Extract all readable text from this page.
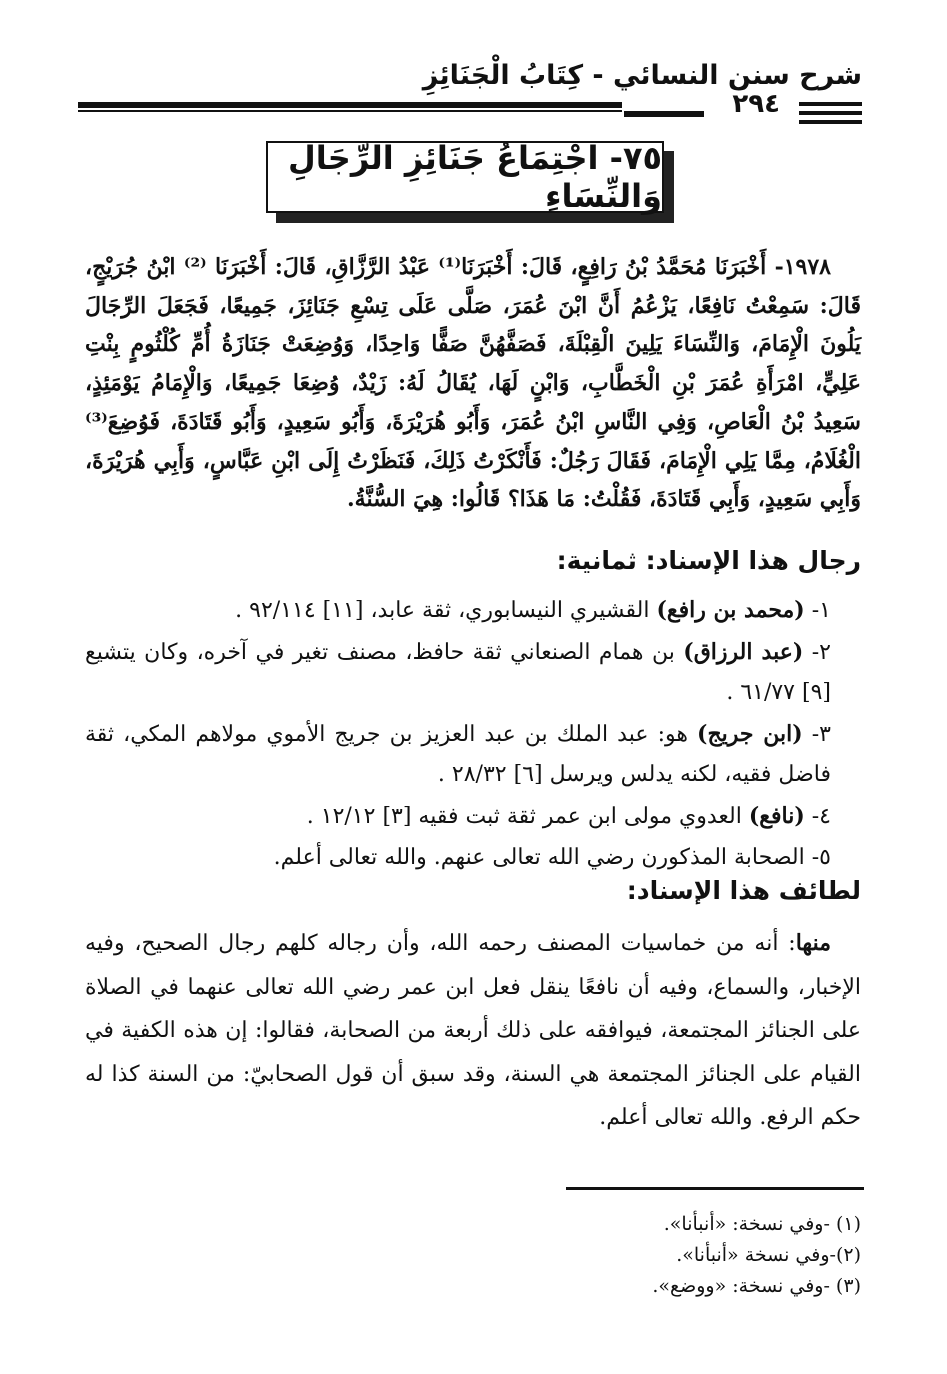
شرح سنن النسائي - كِتَابُ الْجَنَائِزِ
٢٩٤
٧٥- اجْتِمَاعُ جَنَائِزِ الرِّجَالِ وَالنِّسَاءِ
١٩٧٨- أَخْبَرَنَا مُحَمَّدُ بْنُ رَافِعٍ، قَالَ: أَخْبَرَنَا⁽¹⁾ عَبْدُ الرَّزَّاقِ، قَالَ: أَخْبَرَنَا ⁽²⁾ ابْنُ جُرَيْجٍ، قَالَ: سَمِعْتُ نَافِعًا، يَزْعُمُ أَنَّ ابْنَ عُمَرَ، صَلَّى عَلَى تِسْعِ جَنَائِزَ، جَمِيعًا، فَجَعَلَ الرِّجَالَ يَلُونَ الْإِمَامَ، وَالنِّسَاءَ يَلِينَ الْقِبْلَةَ، فَصَفَّهُنَّ صَفًّا وَاحِدًا، وَوُضِعَتْ جَنَازَةُ أُمِّ كُلْثُومٍ بِنْتِ عَلِيٍّ، امْرَأَةِ عُمَرَ بْنِ الْخَطَّابِ، وَابْنٍ لَهَا، يُقَالُ لَهُ: زَيْدٌ، وُضِعَا جَمِيعًا، وَالْإِمَامُ يَوْمَئِذٍ، سَعِيدُ بْنُ الْعَاصِ، وَفِي النَّاسِ ابْنُ عُمَرَ، وَأَبُو هُرَيْرَةَ، وَأَبُو سَعِيدٍ، وَأَبُو قَتَادَةَ، فَوُضِعَ⁽³⁾ الْغُلَامُ، مِمَّا يَلِي الْإِمَامَ، فَقَالَ رَجُلٌ: فَأَنْكَرْتُ ذَلِكَ، فَنَظَرْتُ إِلَى ابْنِ عَبَّاسٍ، وَأَبِي هُرَيْرَةَ، وَأَبِي سَعِيدٍ، وَأَبِي قَتَادَةَ، فَقُلْتُ: مَا هَذَا؟ قَالُوا: هِيَ السُّنَّةُ.
رجال هذا الإسناد: ثمانية:
١- (محمد بن رافع) القشيري النيسابوري، ثقة عابد، [١١] ٩٢/١١٤ .
٢- (عبد الرزاق) بن همام الصنعاني ثقة حافظ، مصنف تغير في آخره، وكان يتشيع [٩] ٦١/٧٧ .
٣- (ابن جريج) هو: عبد الملك بن عبد العزيز بن جريج الأموي مولاهم المكي، ثقة فاضل فقيه، لكنه يدلس ويرسل [٦] ٢٨/٣٢ .
٤- (نافع) العدوي مولى ابن عمر ثقة ثبت فقيه [٣] ١٢/١٢ .
٥- الصحابة المذكورن رضي الله تعالى عنهم. والله تعالى أعلم.
لطائف هذا الإسناد:
منها: أنه من خماسيات المصنف رحمه الله، وأن رجاله كلهم رجال الصحيح، وفيه الإخبار، والسماع، وفيه أن نافعًا ينقل فعل ابن عمر رضي الله تعالى عنهما في الصلاة على الجنائز المجتمعة، فيوافقه على ذلك أربعة من الصحابة، فقالوا: إن هذه الكفية في القيام على الجنائز المجتمعة هي السنة، وقد سبق أن قول الصحابيّ: من السنة كذا له حكم الرفع. والله تعالى أعلم.
(١) -وفي نسخة: «أنبأنا».
(٢)-وفي نسخة «أنبأنا».
(٣) -وفي نسخة: «ووضع».
